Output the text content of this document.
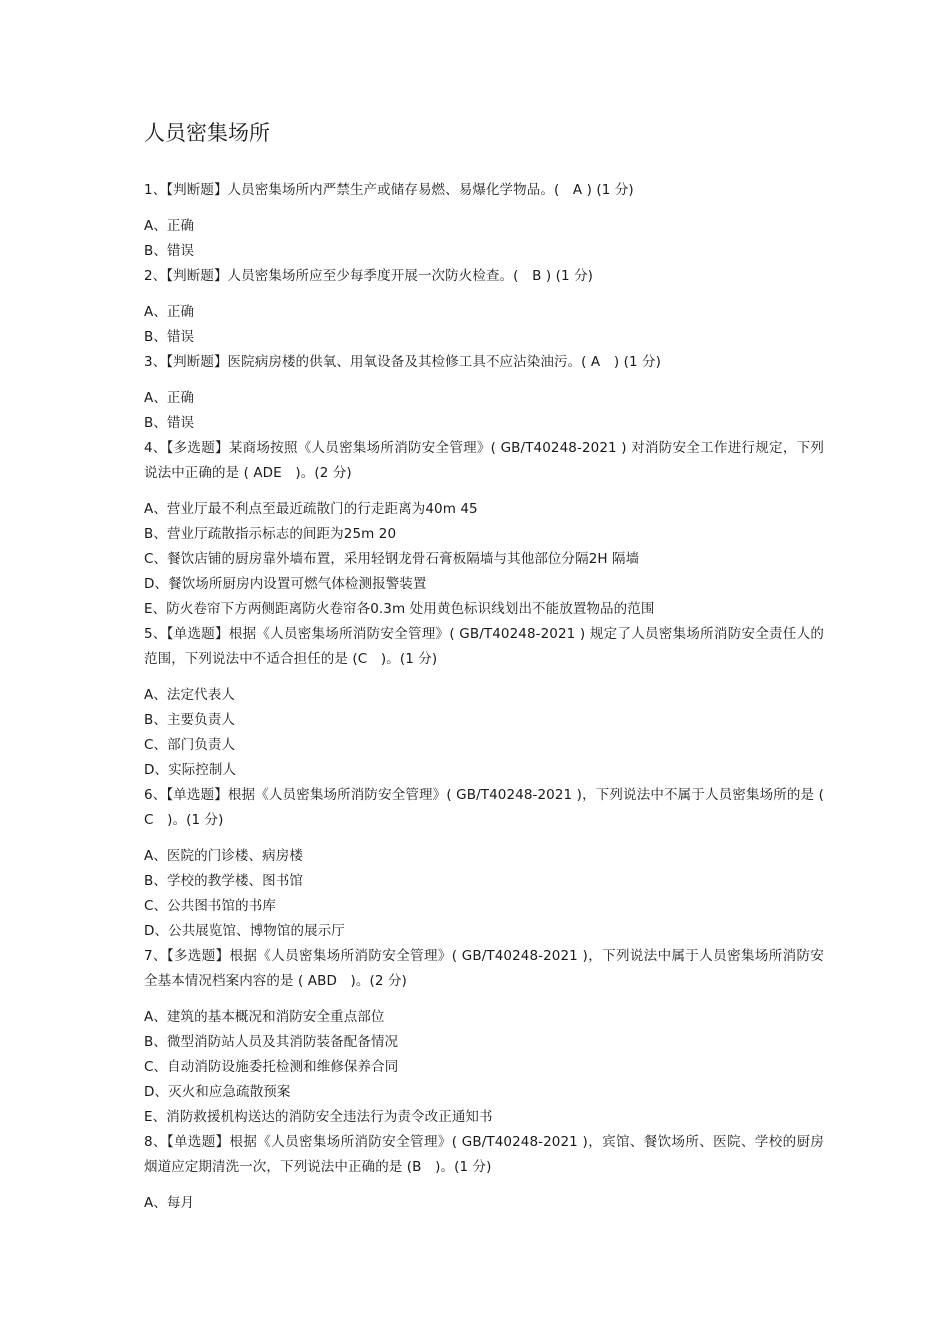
人员密集场所

1、【判断题】人员密集场所内严禁生产或储存易燃、易爆化学物品。(　A ) (1 分)

A、正确
B、错误

2、【判断题】人员密集场所应至少每季度开展一次防火检查。(　B ) (1 分)

A、正确
B、错误

3、【判断题】医院病房楼的供氧、用氧设备及其检修工具不应沾染油污。( A　) (1 分)

A、正确
B、错误

4、【多选题】某商场按照《人员密集场所消防安全管理》( GB/T40248-2021 ) 对消防安全工作进行规定，下列说法中正确的是 ( ADE　)。(2 分)

A、营业厅最不利点至最近疏散门的行走距离为40m 45
B、营业厅疏散指示标志的间距为25m 20
C、餐饮店铺的厨房靠外墙布置，采用轻钢龙骨石膏板隔墙与其他部位分隔2H 隔墙
D、餐饮场所厨房内设置可燃气体检测报警装置
E、防火卷帘下方两侧距离防火卷帘各0.3m 处用黄色标识线划出不能放置物品的范围

5、【单选题】根据《人员密集场所消防安全管理》( GB/T40248-2021 ) 规定了人员密集场所消防安全责任人的范围，下列说法中不适合担任的是 (C　)。(1 分)

A、法定代表人
B、主要负责人
C、部门负责人
D、实际控制人

6、【单选题】根据《人员密集场所消防安全管理》( GB/T40248-2021 )，下列说法中不属于人员密集场所的是 ( C　)。(1 分)

A、医院的门诊楼、病房楼
B、学校的教学楼、图书馆
C、公共图书馆的书库
D、公共展览馆、博物馆的展示厅

7、【多选题】根据《人员密集场所消防安全管理》( GB/T40248-2021 )，下列说法中属于人员密集场所消防安全基本情况档案内容的是 ( ABD　)。(2 分)

A、建筑的基本概况和消防安全重点部位
B、微型消防站人员及其消防装备配备情况
C、自动消防设施委托检测和维修保养合同
D、灭火和应急疏散预案
E、消防救援机构送达的消防安全违法行为责令改正通知书

8、【单选题】根据《人员密集场所消防安全管理》( GB/T40248-2021 )，宾馆、餐饮场所、医院、学校的厨房烟道应定期清洗一次，下列说法中正确的是 (B　)。(1 分)

A、每月
